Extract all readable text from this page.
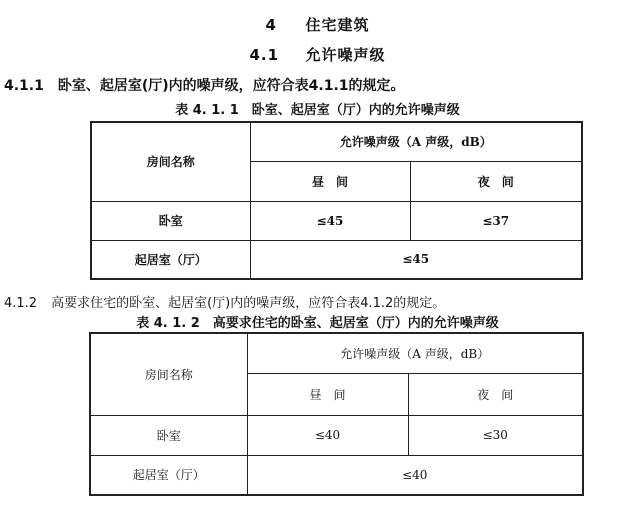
4 住宅建筑
4.1 允许噪声级
4.1.1 卧室、起居室(厅)内的噪声级，应符合表4.1.1的规定。
表 4. 1. 1　卧室、起居室（厅）内的允许噪声级
房间名称	允许噪声级（A 声级，dB）	
	昼　间	夜　间
卧室	≤45	≤37
起居室（厅）	≤45	
4.1.2 高要求住宅的卧室、起居室(厅)内的噪声级，应符合表4.1.2的规定。
表 4. 1. 2　高要求住宅的卧室、起居室（厅）内的允许噪声级
房间名称	允许噪声级（A 声级，dB）	
	昼　间	夜　间
卧室	≤40	≤30
起居室（厅）	≤40	
